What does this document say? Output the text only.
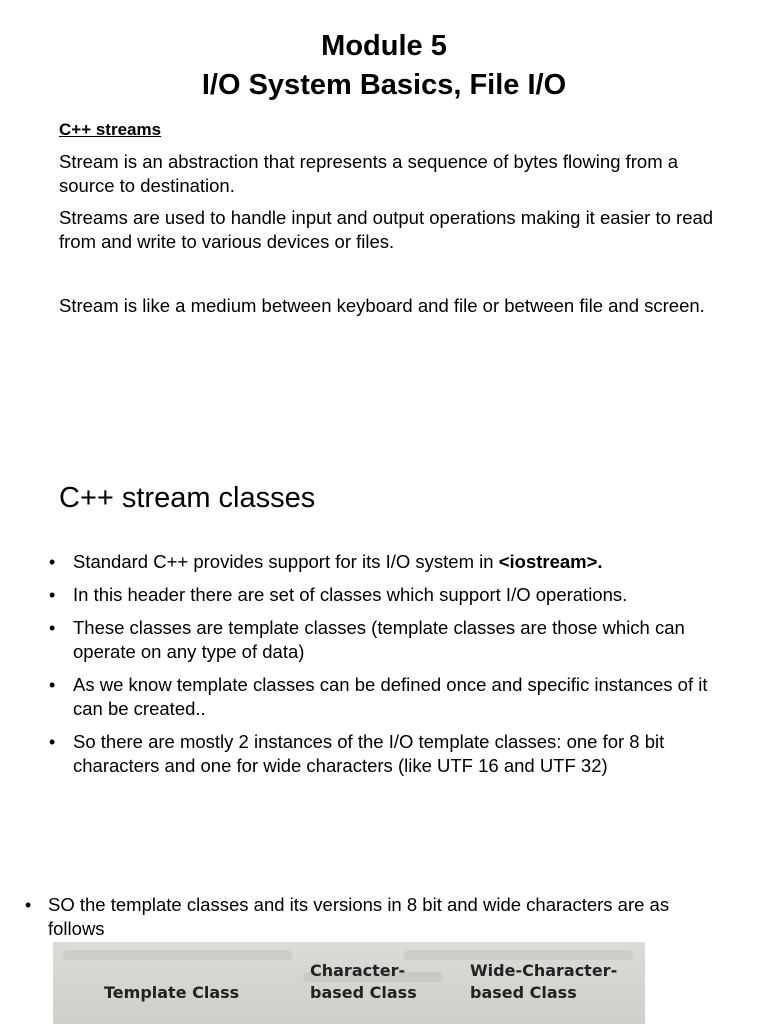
Module 5
I/O System Basics, File I/O
C++ streams

Stream is an abstraction that represents a sequence of bytes flowing from a source to destination.

Streams are used to handle input and output operations making it easier to read from and write to various devices or files.

Stream is like a medium between keyboard and file or between file and screen.

C++ stream classes
• Standard C++ provides support for its I/O system in <iostream>.
• In this header there are set of classes which support I/O operations.
• These classes are template classes (template classes are those which can operate on any type of data)
• As we know template classes can be defined once and specific instances of it can be created..
• So there are mostly 2 instances of the I/O template classes: one for 8 bit characters and one for wide characters (like UTF 16 and UTF 32)
• SO the template classes and its versions in 8 bit and wide characters are as follows
Template Class
Character-based Class
Wide-Character-based Class
